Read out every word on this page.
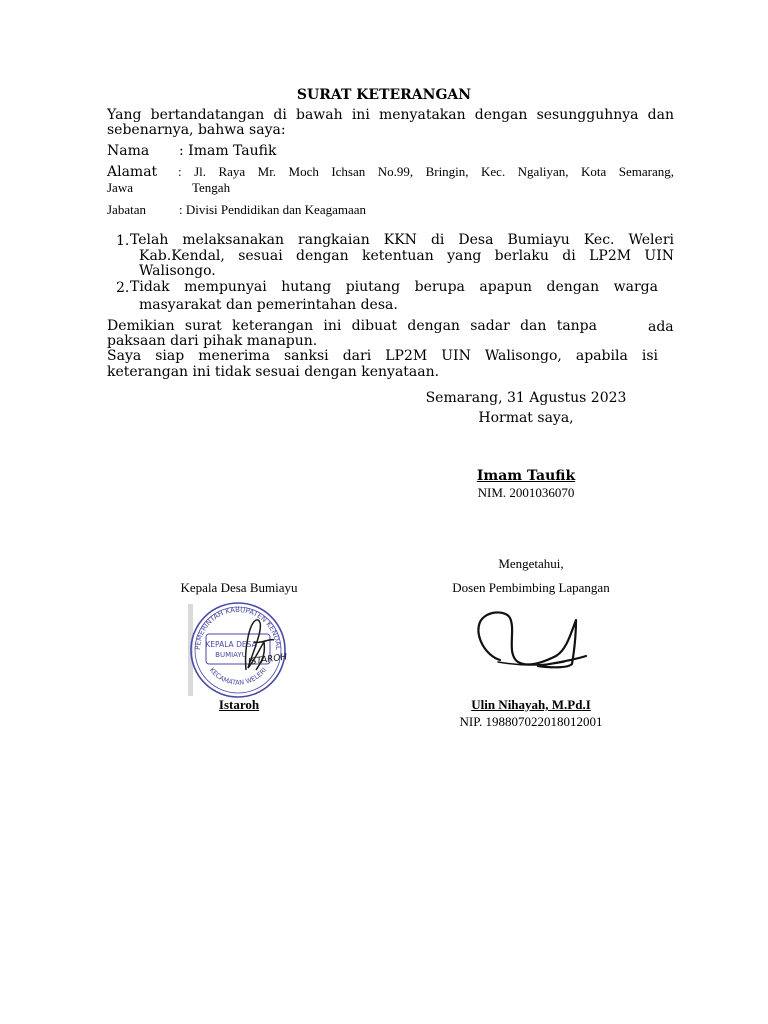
SURAT KETERANGAN
Yang bertandatangan di bawah ini menyatakan dengan sesungguhnya dan
sebenarnya, bahwa saya:
Nama : Imam Taufik
Alamat : Jl. Raya Mr. Moch Ichsan No.99, Bringin, Kec. Ngaliyan, Kota Semarang,
Jawa	Tengah
Jabatan	: Divisi Pendidikan dan Keagamaan
1. Telah melaksanakan rangkaian KKN di Desa Bumiayu Kec. Weleri
Kab.Kendal, sesuai dengan ketentuan yang berlaku di LP2M UIN
Walisongo.
2. Tidak mempunyai hutang piutang berupa apapun dengan warga
masyarakat dan pemerintahan desa.
Demikian surat keterangan ini dibuat dengan sadar dan tanpa	ada
paksaan dari pihak manapun.
Saya siap menerima sanksi dari LP2M UIN Walisongo, apabila isi
keterangan ini tidak sesuai dengan kenyataan.
Semarang, 31 Agustus 2023
Hormat saya,
Imam Taufik
NIM. 2001036070
Mengetahui,
Kepala Desa Bumiayu	Dosen Pembimbing Lapangan
PEMERINTAH KABUPATEN KENDAL
KECAMATAN WELERI
KEPALA DESA
BUMIAYU ISTAROH
Istaroh	Ulin Nihayah, M.Pd.I
NIP. 198807022018012001
